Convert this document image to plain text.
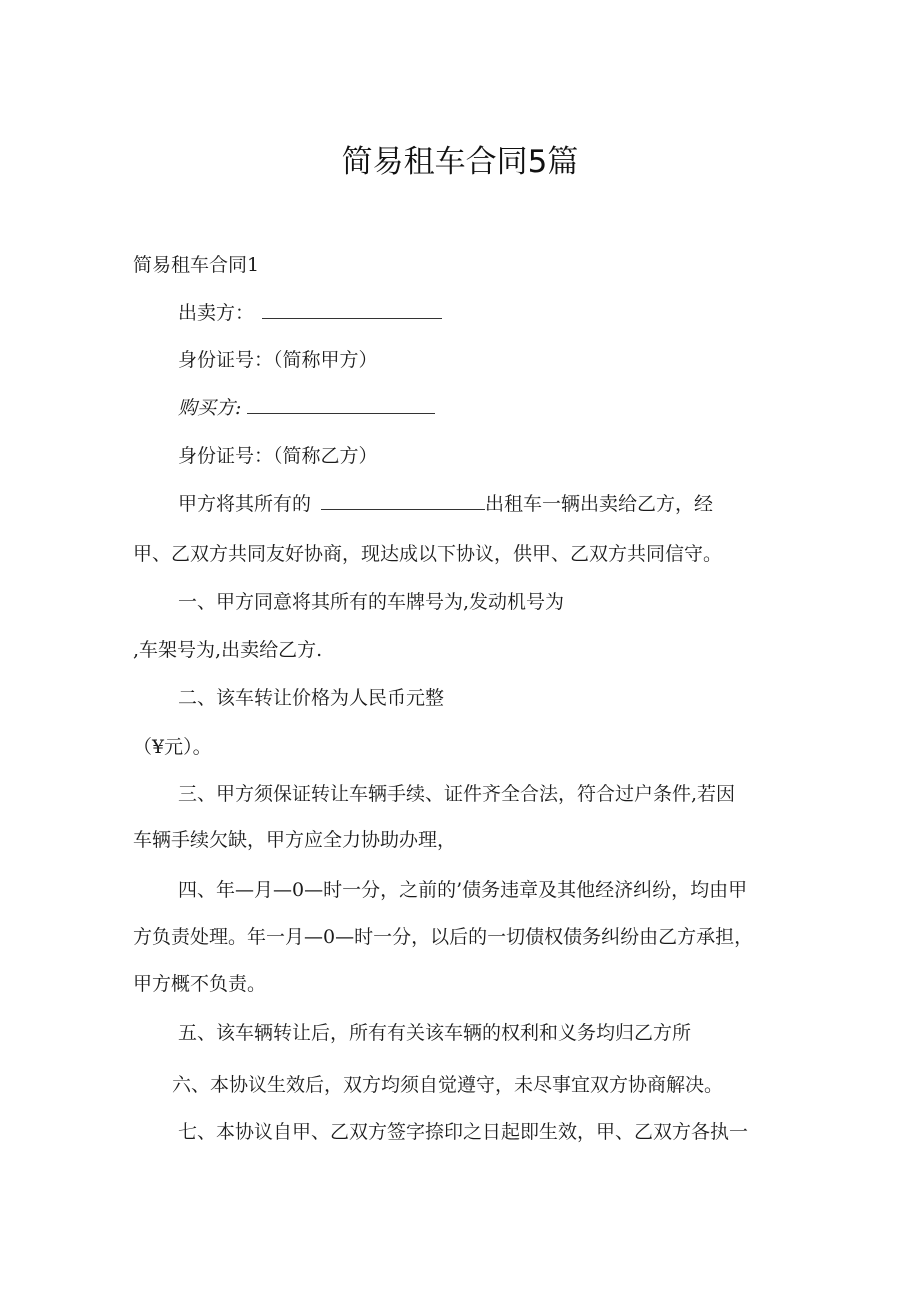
简易租车合同5篇
简易租车合同1
出卖方：
身份证号：（简称甲方）
购买方:
身份证号：（简称乙方）
甲方将其所有的	出租车一辆出卖给乙方，经
甲、乙双方共同友好协商，现达成以下协议，供甲、乙双方共同信守。
一、甲方同意将其所有的车牌号为,发动机号为
,车架号为,出卖给乙方.
二、该车转让价格为人民币元整
（¥元）。
三、甲方须保证转让车辆手续、证件齐全合法，符合过户条件,若因
车辆手续欠缺，甲方应全力协助办理，
四、年—月—0—时一分，之前的’债务违章及其他经济纠纷，均由甲
方负责处理。年一月—0—时一分，以后的一切债权债务纠纷由乙方承担，
甲方概不负责。
五、该车辆转让后，所有有关该车辆的权利和义务均归乙方所
六、本协议生效后，双方均须自觉遵守，未尽事宜双方协商解决。
七、本协议自甲、乙双方签字捺印之日起即生效，甲、乙双方各执一
